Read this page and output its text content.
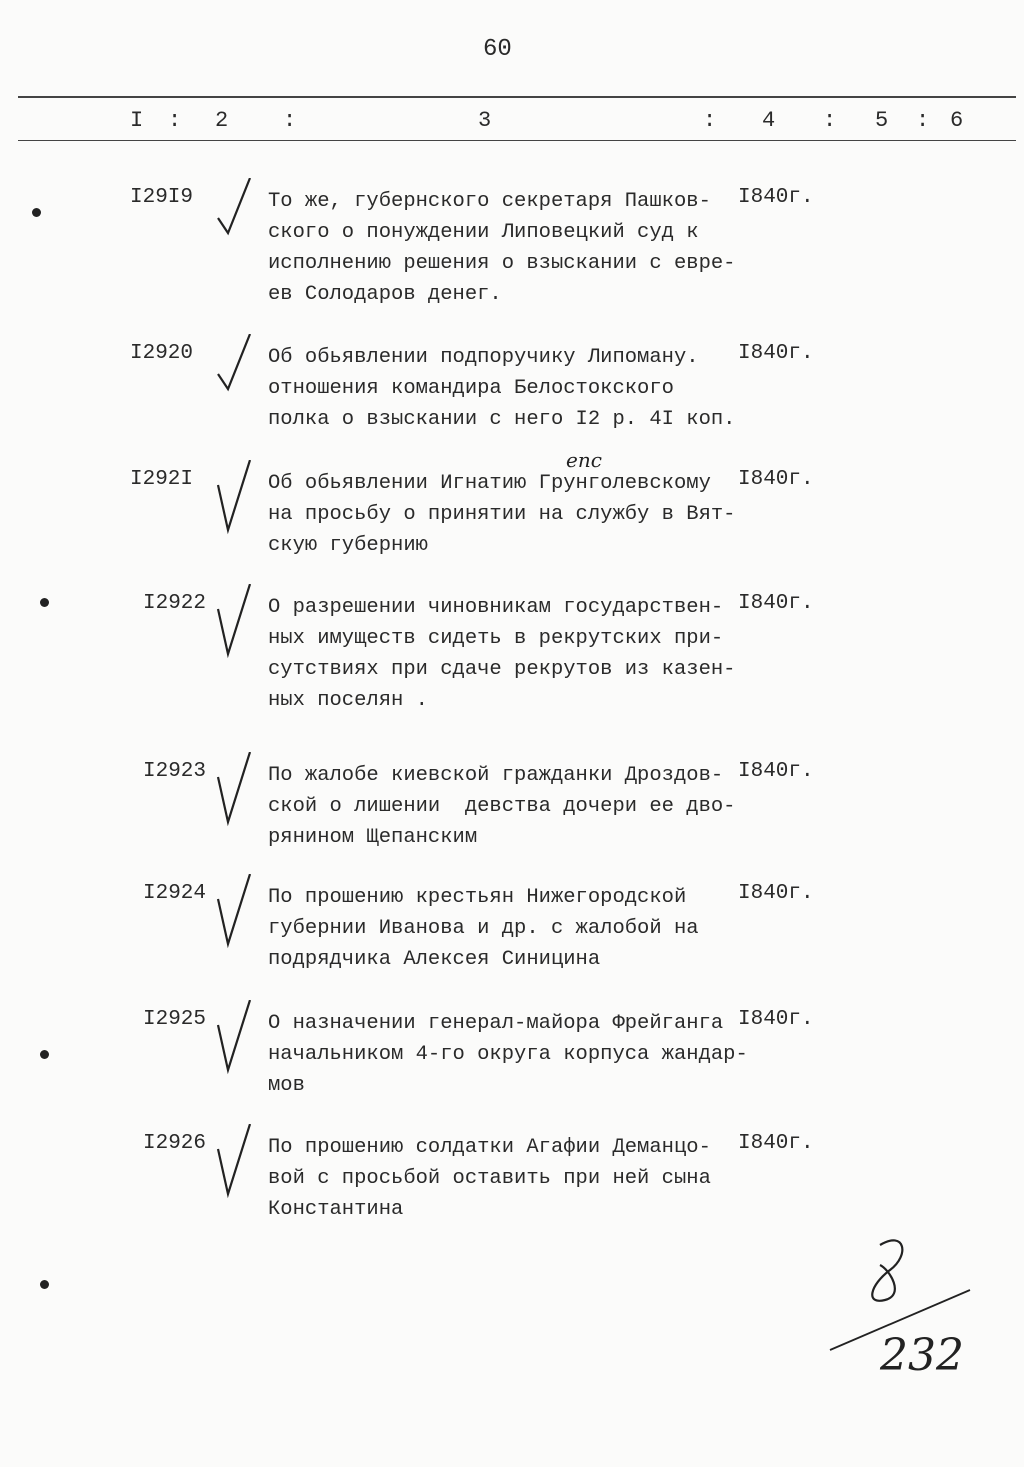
60
I : 2 :	3	: 4 : 5 : 6
I29I9	То же, губернского секретаря Пашков-
ского о понуждении Липовецкий суд к
исполнению решения о взыскании с евре-
ев Солодаров денег.
I840г.
I2920	Об обьявлении подпоручику Липоману.
отношения командира Белостокского
полка о взыскании с него I2 р. 4I коп.
I840г.
I292I	Об обьявлении Игнатию Грунголевскому
на просьбу о принятии на службу в Вят-
скую губернию
I840г.
I2922	О разрешении чиновникам государствен-
ных имуществ сидеть в рекрутских при-
сутствиях при сдаче рекрутов из казен-
ных поселян .
I840г.
I2923	По жалобе киевской гражданки Дроздов-
ской о лишении  девства дочери ее дво-
рянином Щепанским
I840г.
I2924	По прошению крестьян Нижегородской
губернии Иванова и др. с жалобой на
подрядчика Алексея Синицина
I840г.
I2925	О назначении генерал-майора Фрейганга
начальником 4-го округа корпуса жандар-
мов
I840г.
I2926	По прошению солдатки Агафии Деманцо-
вой с просьбой оставить при ней сына
Константина
I840г.
епс
232
